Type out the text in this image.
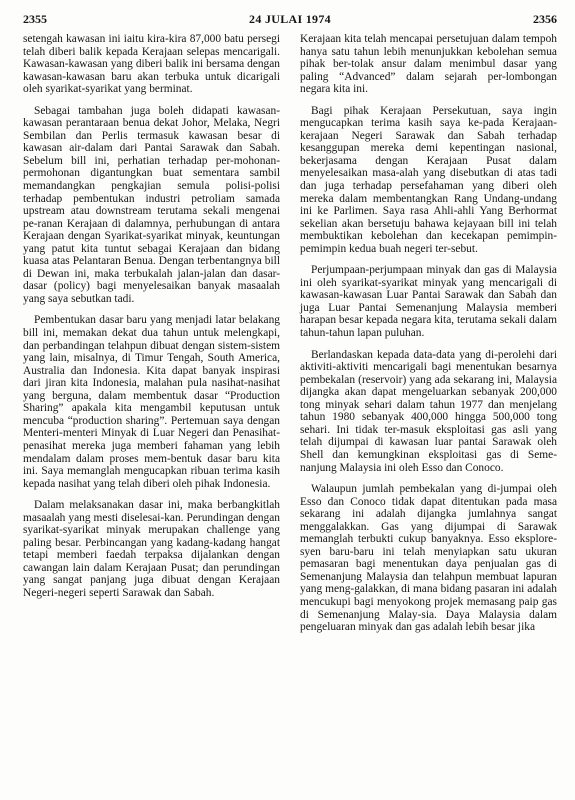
2355	24 JULAI 1974	2356

setengah kawasan ini iaitu kira-kira 87,000 batu persegi telah diberi balik kepada Kerajaan selepas mencarigali. Kawasan-kawasan yang diberi balik ini bersama dengan kawasan-kawasan baru akan terbuka untuk dicarigali oleh syarikat-syarikat yang berminat.

Sebagai tambahan juga boleh didapati kawasan-kawasan perantaraan benua dekat Johor, Melaka, Negri Sembilan dan Perlis termasuk kawasan besar di kawasan air-dalam dari Pantai Sarawak dan Sabah. Sebelum bill ini, perhatian terhadap per-mohonan-permohonan digantungkan buat sementara sambil memandangkan pengkajian semula polisi-polisi terhadap pembentukan industri petroliam samada upstream atau downstream terutama sekali mengenai pe-ranan Kerajaan di dalamnya, perhubungan di antara Kerajaan dengan Syarikat-syarikat minyak, keuntungan yang patut kita tuntut sebagai Kerajaan dan bidang kuasa atas Pelantaran Benua. Dengan terbentangnya bill di Dewan ini, maka terbukalah jalan-jalan dan dasar-dasar (policy) bagi menyelesaikan banyak masaalah yang saya sebutkan tadi.

Pembentukan dasar baru yang menjadi latar belakang bill ini, memakan dekat dua tahun untuk melengkapi, dan perbandingan telahpun dibuat dengan sistem-sistem yang lain, misalnya, di Timur Tengah, South America, Australia dan Indonesia. Kita dapat banyak inspirasi dari jiran kita Indonesia, malahan pula nasihat-nasihat yang berguna, dalam membentuk dasar “Production Sharing” apakala kita mengambil keputusan untuk mencuba “production sharing”. Pertemuan saya dengan Menteri-menteri Minyak di Luar Negeri dan Penasihat-penasihat mereka juga memberi fahaman yang lebih mendalam dalam proses mem-bentuk dasar baru kita ini. Saya memanglah mengucapkan ribuan terima kasih kepada nasihat yang telah diberi oleh pihak Indonesia.

Dalam melaksanakan dasar ini, maka berbangkitlah masaalah yang mesti diselesai-kan. Perundingan dengan syarikat-syarikat minyak merupakan challenge yang paling besar. Perbincangan yang kadang-kadang hangat tetapi memberi faedah terpaksa dijalankan dengan cawangan lain dalam Kerajaan Pusat; dan perundingan yang sangat panjang juga dibuat dengan Kerajaan Negeri-negeri seperti Sarawak dan Sabah.

Kerajaan kita telah mencapai persetujuan dalam tempoh hanya satu tahun lebih menunjukkan kebolehan semua pihak ber-tolak ansur dalam menimbul dasar yang paling “Advanced” dalam sejarah per-lombongan negara kita ini.

Bagi pihak Kerajaan Persekutuan, saya ingin mengucapkan terima kasih saya ke-pada Kerajaan-kerajaan Negeri Sarawak dan Sabah terhadap kesanggupan mereka demi kepentingan nasional, bekerjasama dengan Kerajaan Pusat dalam menyelesaikan masa-alah yang disebutkan di atas tadi dan juga terhadap persefahaman yang diberi oleh mereka dalam membentangkan Rang Undang-undang ini ke Parlimen. Saya rasa Ahli-ahli Yang Berhormat sekelian akan bersetuju bahawa kejayaan bill ini telah membuktikan kebolehan dan kecekapan pemimpin-pemimpin kedua buah negeri ter-sebut.

Perjumpaan-perjumpaan minyak dan gas di Malaysia ini oleh syarikat-syarikat minyak yang mencarigali di kawasan-kawasan Luar Pantai Sarawak dan Sabah dan juga Luar Pantai Semenanjung Malaysia memberi harapan besar kepada negara kita, terutama sekali dalam tahun-tahun lapan puluhan.

Berlandaskan kepada data-data yang di-perolehi dari aktiviti-aktiviti mencarigali bagi menentukan besarnya pembekalan (reservoir) yang ada sekarang ini, Malaysia dijangka akan dapat mengeluarkan sebanyak 200,000 tong minyak sehari dalam tahun 1977 dan menjelang tahun 1980 sebanyak 400,000 hingga 500,000 tong sehari. Ini tidak ter-masuk eksploitasi gas asli yang telah dijumpai di kawasan luar pantai Sarawak oleh Shell dan kemungkinan eksploitasi gas di Seme-nanjung Malaysia ini oleh Esso dan Conoco.

Walaupun jumlah pembekalan yang di-jumpai oleh Esso dan Conoco tidak dapat ditentukan pada masa sekarang ini adalah dijangka jumlahnya sangat menggalakkan. Gas yang dijumpai di Sarawak memanglah terbukti cukup banyaknya. Esso eksplore-syen baru-baru ini telah menyiapkan satu ukuran pemasaran bagi menentukan daya penjualan gas di Semenanjung Malaysia dan telahpun membuat lapuran yang meng-galakkan, di mana bidang pasaran ini adalah mencukupi bagi menyokong projek memasang paip gas di Semenanjung Malay-sia. Daya Malaysia dalam pengeluaran minyak dan gas adalah lebih besar jika
